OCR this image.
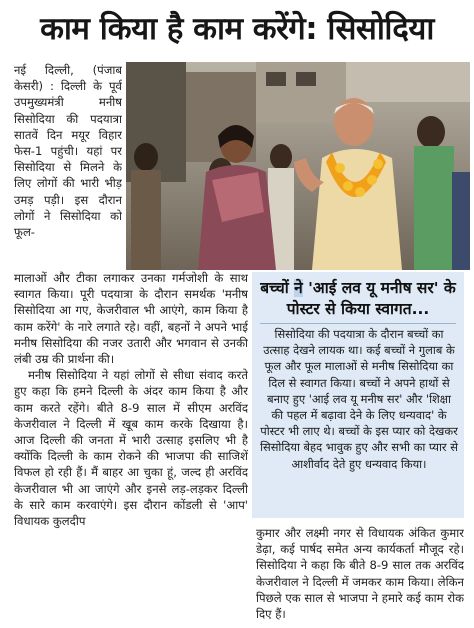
काम किया है काम करेंगे: सिसोदिया

नई दिल्ली, (पंजाब केसरी) : दिल्ली के पूर्व उपमुख्यमंत्री मनीष सिसोदिया की पदयात्रा सातवें दिन मयूर विहार फेस-1 पहुंची। यहां पर सिसोदिया से मिलने के लिए लोगों की भारी भीड़ उमड़ पड़ी। इस दौरान लोगों ने सिसोदिया को फूल-

मालाओं और टीका लगाकर उनका गर्मजोशी के साथ स्वागत किया। पूरी पदयात्रा के दौरान समर्थक 'मनीष सिसोदिया आ गए, केजरीवाल भी आएंगे, काम किया है काम करेंगे' के नारे लगाते रहे। वहीं, बहनों ने अपने भाई मनीष सिसोदिया की नजर उतारी और भगवान से उनकी लंबी उम्र की प्रार्थना की।

मनीष सिसोदिया ने यहां लोगों से सीधा संवाद करते हुए कहा कि हमने दिल्ली के अंदर काम किया है और काम करते रहेंगे। बीते 8-9 साल में सीएम अरविंद केजरीवाल ने दिल्ली में खूब काम करके दिखाया है। आज दिल्ली की जनता में भारी उत्साह इसलिए भी है क्योंकि दिल्ली के काम रोकने की भाजपा की साजिशें विफल हो रही हैं। मैं बाहर आ चुका हूं, जल्द ही अरविंद केजरीवाल भी आ जाएंगे और इनसे लड़-लड़कर दिल्ली के सारे काम करवाएंगे। इस दौरान कोंडली से 'आप' विधायक कुलदीप

बच्चों ने 'आई लव यू मनीष सर' के पोस्टर से किया स्वागत...
सिसोदिया की पदयात्रा के दौरान बच्चों का उत्साह देखने लायक था। कई बच्चों ने गुलाब के फूल और फूल मालाओं से मनीष सिसोदिया का दिल से स्वागत किया। बच्चों ने अपने हाथों से बनाए हुए 'आई लव यू मनीष सर' और 'शिक्षा की पहल में बढ़ावा देने के लिए धन्यवाद' के पोस्टर भी लाए थे। बच्चों के इस प्यार को देखकर सिसोदिया बेहद भावुक हुए और सभी का प्यार से आशीर्वाद देते हुए धन्यवाद किया।

कुमार और लक्ष्मी नगर से विधायक अंकित कुमार डेढ़ा, कई पार्षद समेत अन्य कार्यकर्ता मौजूद रहे। सिसोदिया ने कहा कि बीते 8-9 साल तक अरविंद केजरीवाल ने दिल्ली में जमकर काम किया। लेकिन पिछले एक साल से भाजपा ने हमारे कई काम रोक दिए हैं।
